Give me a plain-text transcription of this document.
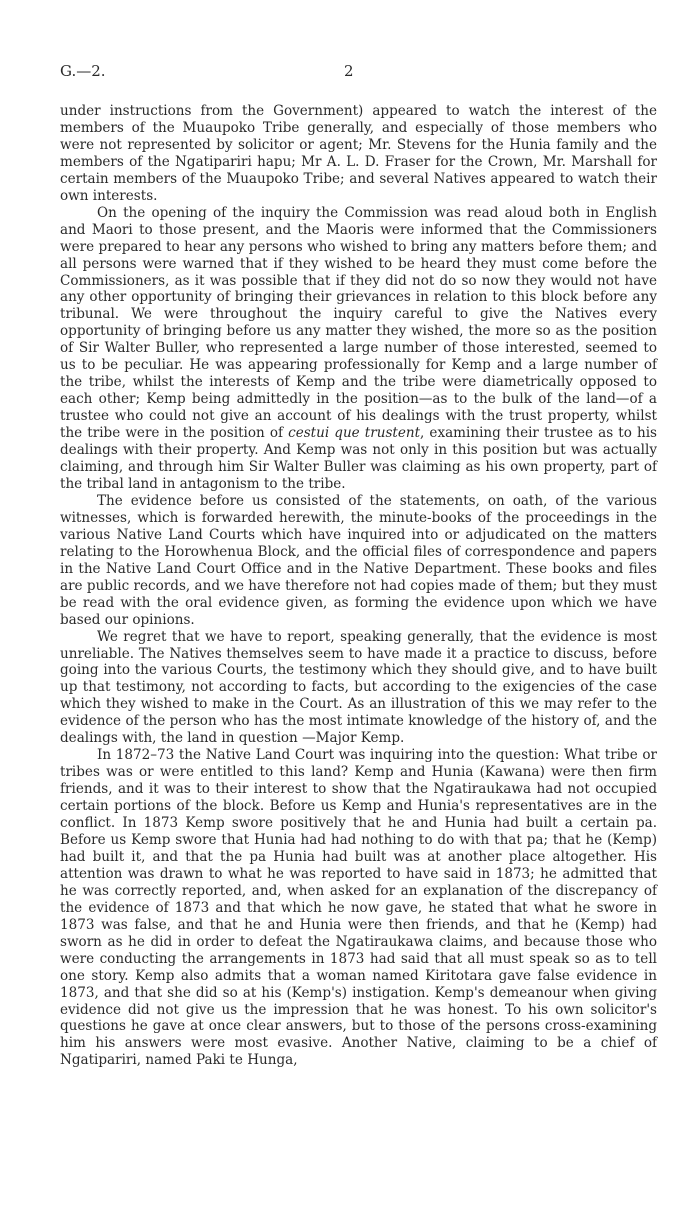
G.—2.	2

under instructions from the Government) appeared to watch the interest of the members of the Muaupoko Tribe generally, and especially of those members who were not represented by solicitor or agent; Mr. Stevens for the Hunia family and the members of the Ngatipariri hapu; Mr A. L. D. Fraser for the Crown, Mr. Marshall for certain members of the Muaupoko Tribe; and several Natives appeared to watch their own interests.

On the opening of the inquiry the Commission was read aloud both in English and Maori to those present, and the Maoris were informed that the Commissioners were prepared to hear any persons who wished to bring any matters before them; and all persons were warned that if they wished to be heard they must come before the Commissioners, as it was possible that if they did not do so now they would not have any other opportunity of bringing their grievances in relation to this block before any tribunal. We were throughout the inquiry careful to give the Natives every opportunity of bringing before us any matter they wished, the more so as the position of Sir Walter Buller, who represented a large number of those interested, seemed to us to be peculiar. He was appearing professionally for Kemp and a large number of the tribe, whilst the interests of Kemp and the tribe were diametrically opposed to each other; Kemp being admittedly in the position—as to the bulk of the land—of a trustee who could not give an account of his dealings with the trust property, whilst the tribe were in the position of cestui que trustent, examining their trustee as to his dealings with their property. And Kemp was not only in this position but was actually claiming, and through him Sir Walter Buller was claiming as his own property, part of the tribal land in antagonism to the tribe.

The evidence before us consisted of the statements, on oath, of the various witnesses, which is forwarded herewith, the minute-books of the proceedings in the various Native Land Courts which have inquired into or adjudicated on the matters relating to the Horowhenua Block, and the official files of correspondence and papers in the Native Land Court Office and in the Native Department. These books and files are public records, and we have therefore not had copies made of them; but they must be read with the oral evidence given, as forming the evidence upon which we have based our opinions.

We regret that we have to report, speaking generally, that the evidence is most unreliable. The Natives themselves seem to have made it a practice to discuss, before going into the various Courts, the testimony which they should give, and to have built up that testimony, not according to facts, but according to the exigencies of the case which they wished to make in the Court. As an illustration of this we may refer to the evidence of the person who has the most intimate knowledge of the history of, and the dealings with, the land in question —Major Kemp.

In 1872–73 the Native Land Court was inquiring into the question: What tribe or tribes was or were entitled to this land? Kemp and Hunia (Kawana) were then firm friends, and it was to their interest to show that the Ngatiraukawa had not occupied certain portions of the block. Before us Kemp and Hunia's representatives are in the conflict. In 1873 Kemp swore positively that he and Hunia had built a certain pa. Before us Kemp swore that Hunia had had nothing to do with that pa; that he (Kemp) had built it, and that the pa Hunia had built was at another place altogether. His attention was drawn to what he was reported to have said in 1873; he admitted that he was correctly reported, and, when asked for an explanation of the discrepancy of the evidence of 1873 and that which he now gave, he stated that what he swore in 1873 was false, and that he and Hunia were then friends, and that he (Kemp) had sworn as he did in order to defeat the Ngatiraukawa claims, and because those who were conducting the arrangements in 1873 had said that all must speak so as to tell one story. Kemp also admits that a woman named Kiritotara gave false evidence in 1873, and that she did so at his (Kemp's) instigation. Kemp's demeanour when giving evidence did not give us the impression that he was honest. To his own solicitor's questions he gave at once clear answers, but to those of the persons cross-examining him his answers were most evasive. Another Native, claiming to be a chief of Ngatipariri, named Paki te Hunga,
